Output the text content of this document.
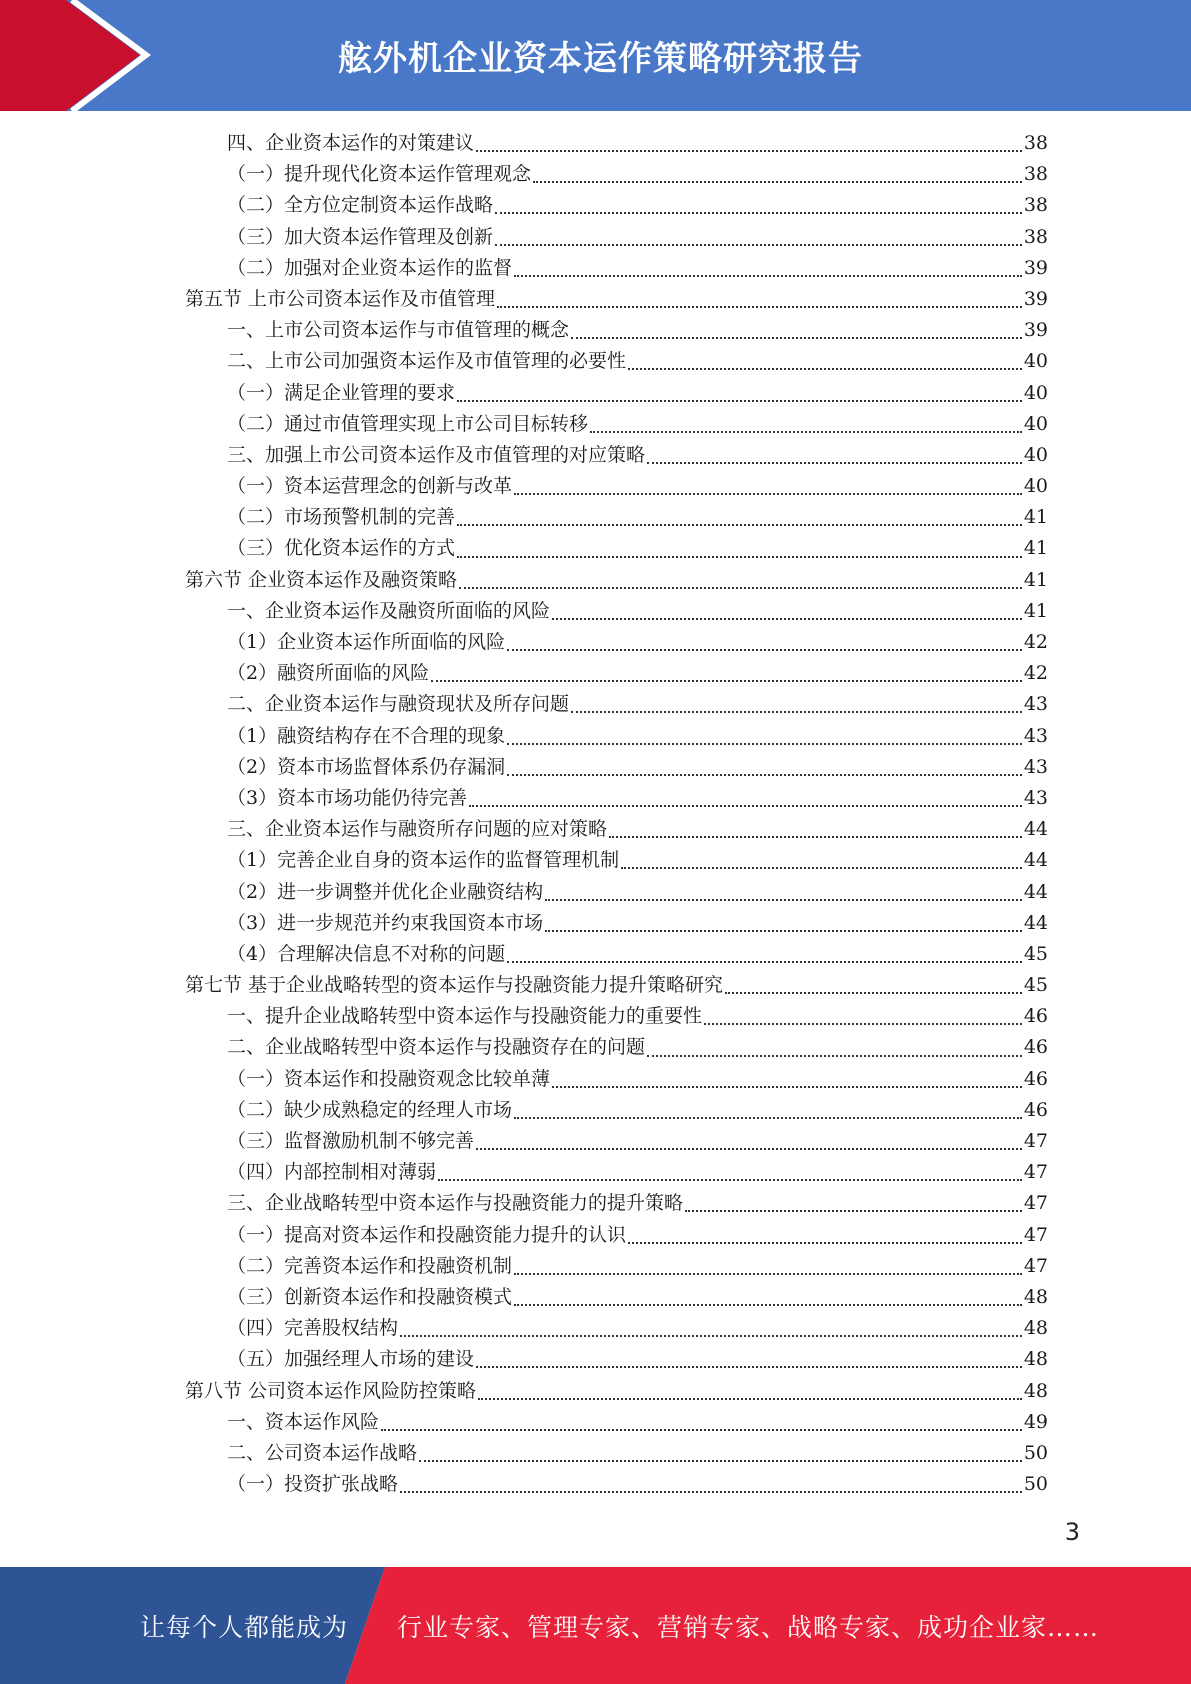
舷外机企业资本运作策略研究报告
四、企业资本运作的对策建议	38
（一）提升现代化资本运作管理观念	38
（二）全方位定制资本运作战略	38
（三）加大资本运作管理及创新	38
（二）加强对企业资本运作的监督	39
第五节 上市公司资本运作及市值管理	39
一、上市公司资本运作与市值管理的概念	39
二、上市公司加强资本运作及市值管理的必要性	40
（一）满足企业管理的要求	40
（二）通过市值管理实现上市公司目标转移	40
三、加强上市公司资本运作及市值管理的对应策略	40
（一）资本运营理念的创新与改革	40
（二）市场预警机制的完善	41
（三）优化资本运作的方式	41
第六节 企业资本运作及融资策略	41
一、企业资本运作及融资所面临的风险	41
（1）企业资本运作所面临的风险	42
（2）融资所面临的风险	42
二、企业资本运作与融资现状及所存问题	43
（1）融资结构存在不合理的现象	43
（2）资本市场监督体系仍存漏洞	43
（3）资本市场功能仍待完善	43
三、企业资本运作与融资所存问题的应对策略	44
（1）完善企业自身的资本运作的监督管理机制	44
（2）进一步调整并优化企业融资结构	44
（3）进一步规范并约束我国资本市场	44
（4）合理解决信息不对称的问题	45
第七节 基于企业战略转型的资本运作与投融资能力提升策略研究	45
一、提升企业战略转型中资本运作与投融资能力的重要性	46
二、企业战略转型中资本运作与投融资存在的问题	46
（一）资本运作和投融资观念比较单薄	46
（二）缺少成熟稳定的经理人市场	46
（三）监督激励机制不够完善	47
（四）内部控制相对薄弱	47
三、企业战略转型中资本运作与投融资能力的提升策略	47
（一）提高对资本运作和投融资能力提升的认识	47
（二）完善资本运作和投融资机制	47
（三）创新资本运作和投融资模式	48
（四）完善股权结构	48
（五）加强经理人市场的建设	48
第八节 公司资本运作风险防控策略	48
一、资本运作风险	49
二、公司资本运作战略	50
（一）投资扩张战略	50
3
让每个人都能成为 行业专家、管理专家、营销专家、战略专家、成功企业家……
